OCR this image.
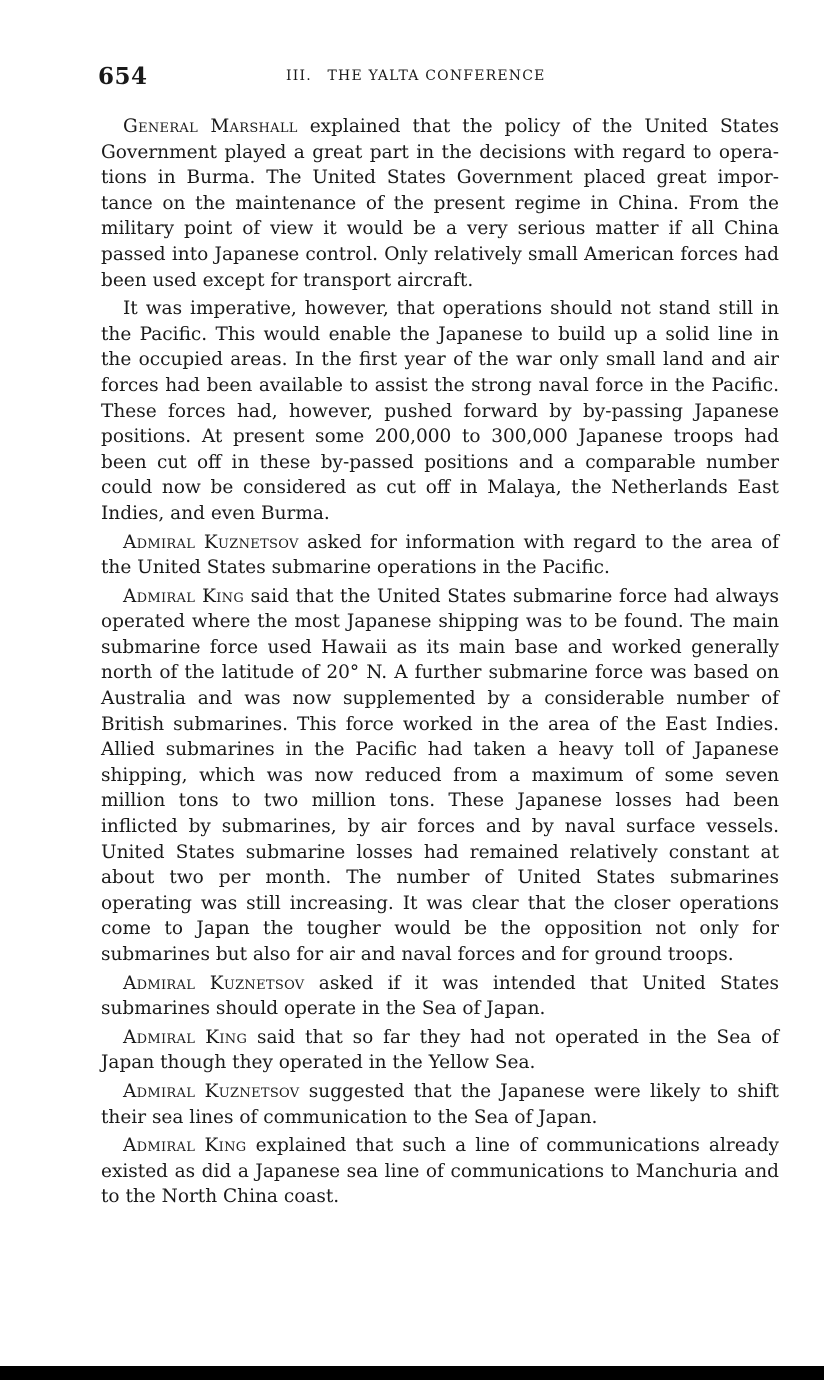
654	III. THE YALTA CONFERENCE

General Marshall explained that the policy of the United States Government played a great part in the decisions with regard to operations in Burma. The United States Government placed great importance on the maintenance of the present regime in China. From the military point of view it would be a very serious matter if all China passed into Japanese control. Only relatively small American forces had been used except for transport aircraft.

It was imperative, however, that operations should not stand still in the Pacific. This would enable the Japanese to build up a solid line in the occupied areas. In the first year of the war only small land and air forces had been available to assist the strong naval force in the Pacific. These forces had, however, pushed forward by by-passing Japanese positions. At present some 200,000 to 300,000 Japanese troops had been cut off in these by-passed positions and a comparable number could now be considered as cut off in Malaya, the Netherlands East Indies, and even Burma.

Admiral Kuznetsov asked for information with regard to the area of the United States submarine operations in the Pacific.

Admiral King said that the United States submarine force had always operated where the most Japanese shipping was to be found. The main submarine force used Hawaii as its main base and worked generally north of the latitude of 20° N. A further submarine force was based on Australia and was now supplemented by a considerable number of British submarines. This force worked in the area of the East Indies. Allied submarines in the Pacific had taken a heavy toll of Japanese shipping, which was now reduced from a maximum of some seven million tons to two million tons. These Japanese losses had been inflicted by submarines, by air forces and by naval surface vessels. United States submarine losses had remained relatively constant at about two per month. The number of United States submarines operating was still increasing. It was clear that the closer operations come to Japan the tougher would be the opposition not only for submarines but also for air and naval forces and for ground troops.

Admiral Kuznetsov asked if it was intended that United States submarines should operate in the Sea of Japan.

Admiral King said that so far they had not operated in the Sea of Japan though they operated in the Yellow Sea.

Admiral Kuznetsov suggested that the Japanese were likely to shift their sea lines of communication to the Sea of Japan.

Admiral King explained that such a line of communications already existed as did a Japanese sea line of communications to Manchuria and to the North China coast.
